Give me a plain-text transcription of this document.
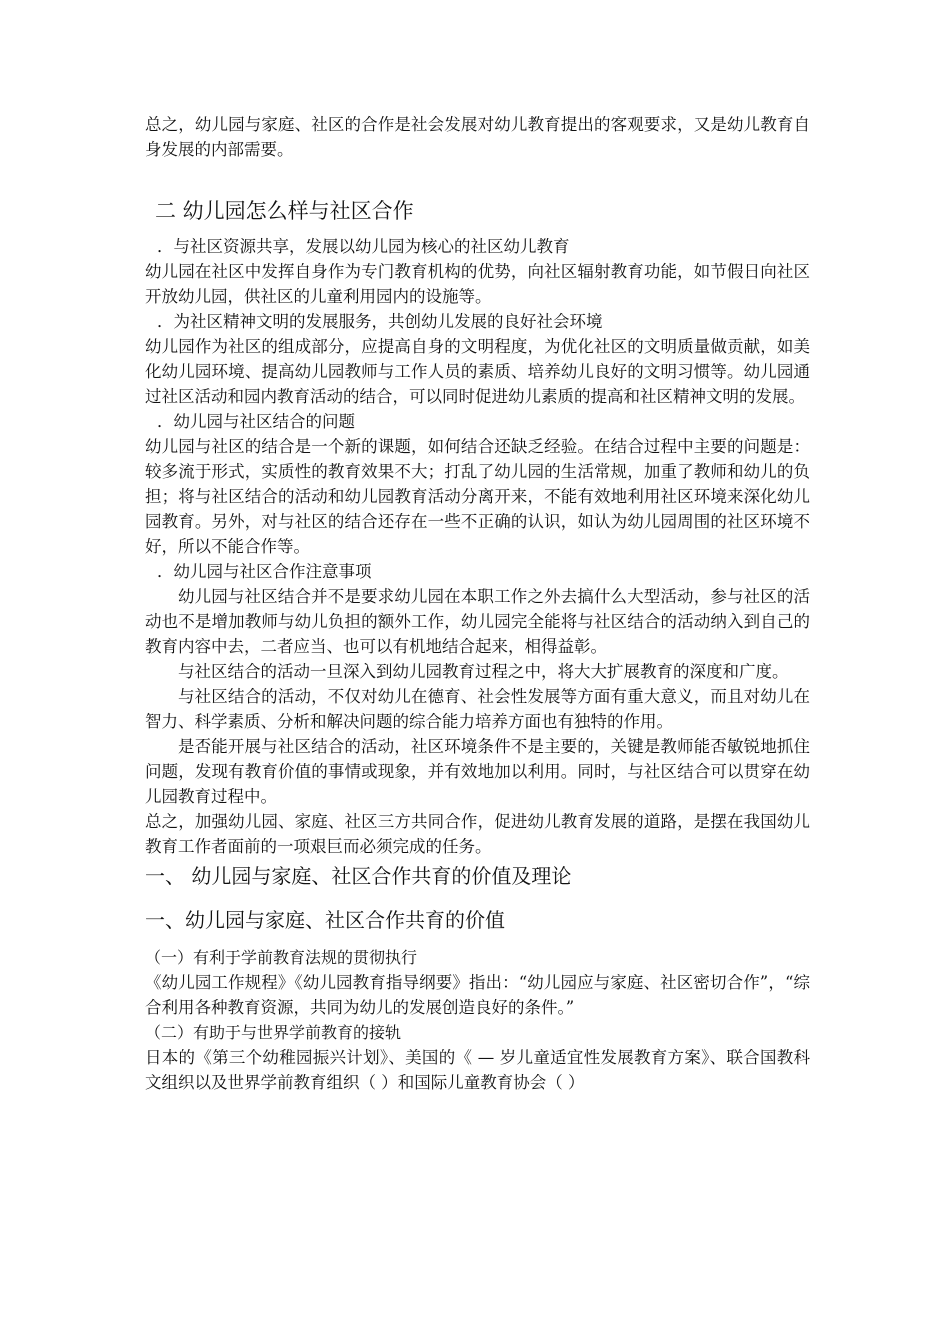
总之，幼儿园与家庭、社区的合作是社会发展对幼儿教育提出的客观要求，又是幼儿教育自身发展的内部需要。

二 幼儿园怎么样与社区合作

．与社区资源共享，发展以幼儿园为核心的社区幼儿教育

幼儿园在社区中发挥自身作为专门教育机构的优势，向社区辐射教育功能，如节假日向社区开放幼儿园，供社区的儿童利用园内的设施等。

．为社区精神文明的发展服务，共创幼儿发展的良好社会环境

幼儿园作为社区的组成部分，应提高自身的文明程度，为优化社区的文明质量做贡献，如美化幼儿园环境、提高幼儿园教师与工作人员的素质、培养幼儿良好的文明习惯等。幼儿园通过社区活动和园内教育活动的结合，可以同时促进幼儿素质的提高和社区精神文明的发展。

．幼儿园与社区结合的问题

幼儿园与社区的结合是一个新的课题，如何结合还缺乏经验。在结合过程中主要的问题是：较多流于形式，实质性的教育效果不大；打乱了幼儿园的生活常规，加重了教师和幼儿的负担；将与社区结合的活动和幼儿园教育活动分离开来，不能有效地利用社区环境来深化幼儿园教育。另外，对与社区的结合还存在一些不正确的认识，如认为幼儿园周围的社区环境不好，所以不能合作等。

．幼儿园与社区合作注意事项

幼儿园与社区结合并不是要求幼儿园在本职工作之外去搞什么大型活动，参与社区的活动也不是增加教师与幼儿负担的额外工作，幼儿园完全能将与社区结合的活动纳入到自己的教育内容中去，二者应当、也可以有机地结合起来，相得益彰。

与社区结合的活动一旦深入到幼儿园教育过程之中，将大大扩展教育的深度和广度。

与社区结合的活动，不仅对幼儿在德育、社会性发展等方面有重大意义，而且对幼儿在智力、科学素质、分析和解决问题的综合能力培养方面也有独特的作用。

是否能开展与社区结合的活动，社区环境条件不是主要的，关键是教师能否敏锐地抓住问题，发现有教育价值的事情或现象，并有效地加以利用。同时，与社区结合可以贯穿在幼儿园教育过程中。

总之，加强幼儿园、家庭、社区三方共同合作，促进幼儿教育发展的道路，是摆在我国幼儿教育工作者面前的一项艰巨而必须完成的任务。

一、 幼儿园与家庭、社区合作共育的价值及理论

一、幼儿园与家庭、社区合作共育的价值

（一）有利于学前教育法规的贯彻执行

《幼儿园工作规程》《幼儿园教育指导纲要》指出：“幼儿园应与家庭、社区密切合作”，“综合利用各种教育资源，共同为幼儿的发展创造良好的条件。”

（二）有助于与世界学前教育的接轨

日本的《第三个幼稚园振兴计划》、美国的《 — 岁儿童适宜性发展教育方案》、联合国教科文组织以及世界学前教育组织（ ）和国际儿童教育协会（ ）
